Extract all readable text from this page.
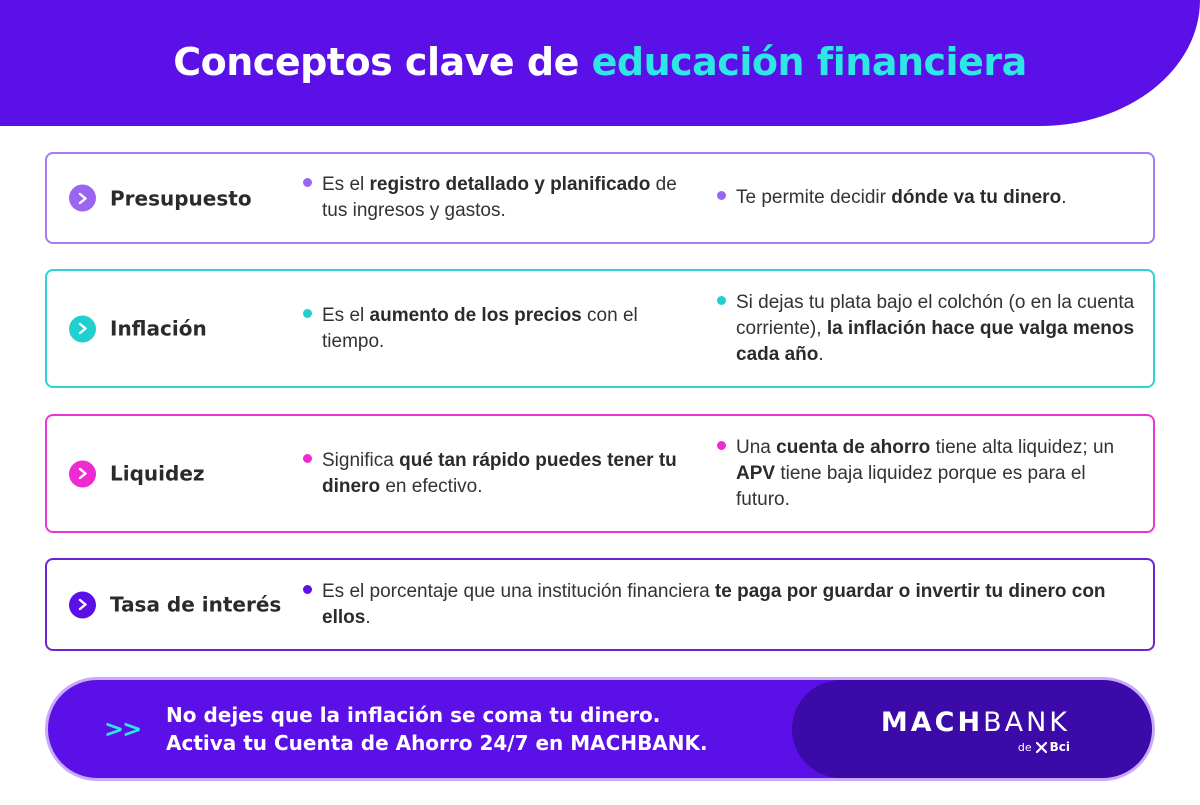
Conceptos clave de educación financiera
Presupuesto
Es el registro detallado y planificado de tus ingresos y gastos.
Te permite decidir dónde va tu dinero.
Inflación
Es el aumento de los precios con el tiempo.
Si dejas tu plata bajo el colchón (o en la cuenta corriente), la inflación hace que valga menos cada año.
Liquidez
Significa qué tan rápido puedes tener tu dinero en efectivo.
Una cuenta de ahorro tiene alta liquidez; un APV tiene baja liquidez porque es para el futuro.
Tasa de interés
Es el porcentaje que una institución financiera te paga por guardar o invertir tu dinero con ellos.
>> No dejes que la inflación se coma tu dinero.
Activa tu Cuenta de Ahorro 24/7 en MACHBANK.
MACHBANK
de Bci
